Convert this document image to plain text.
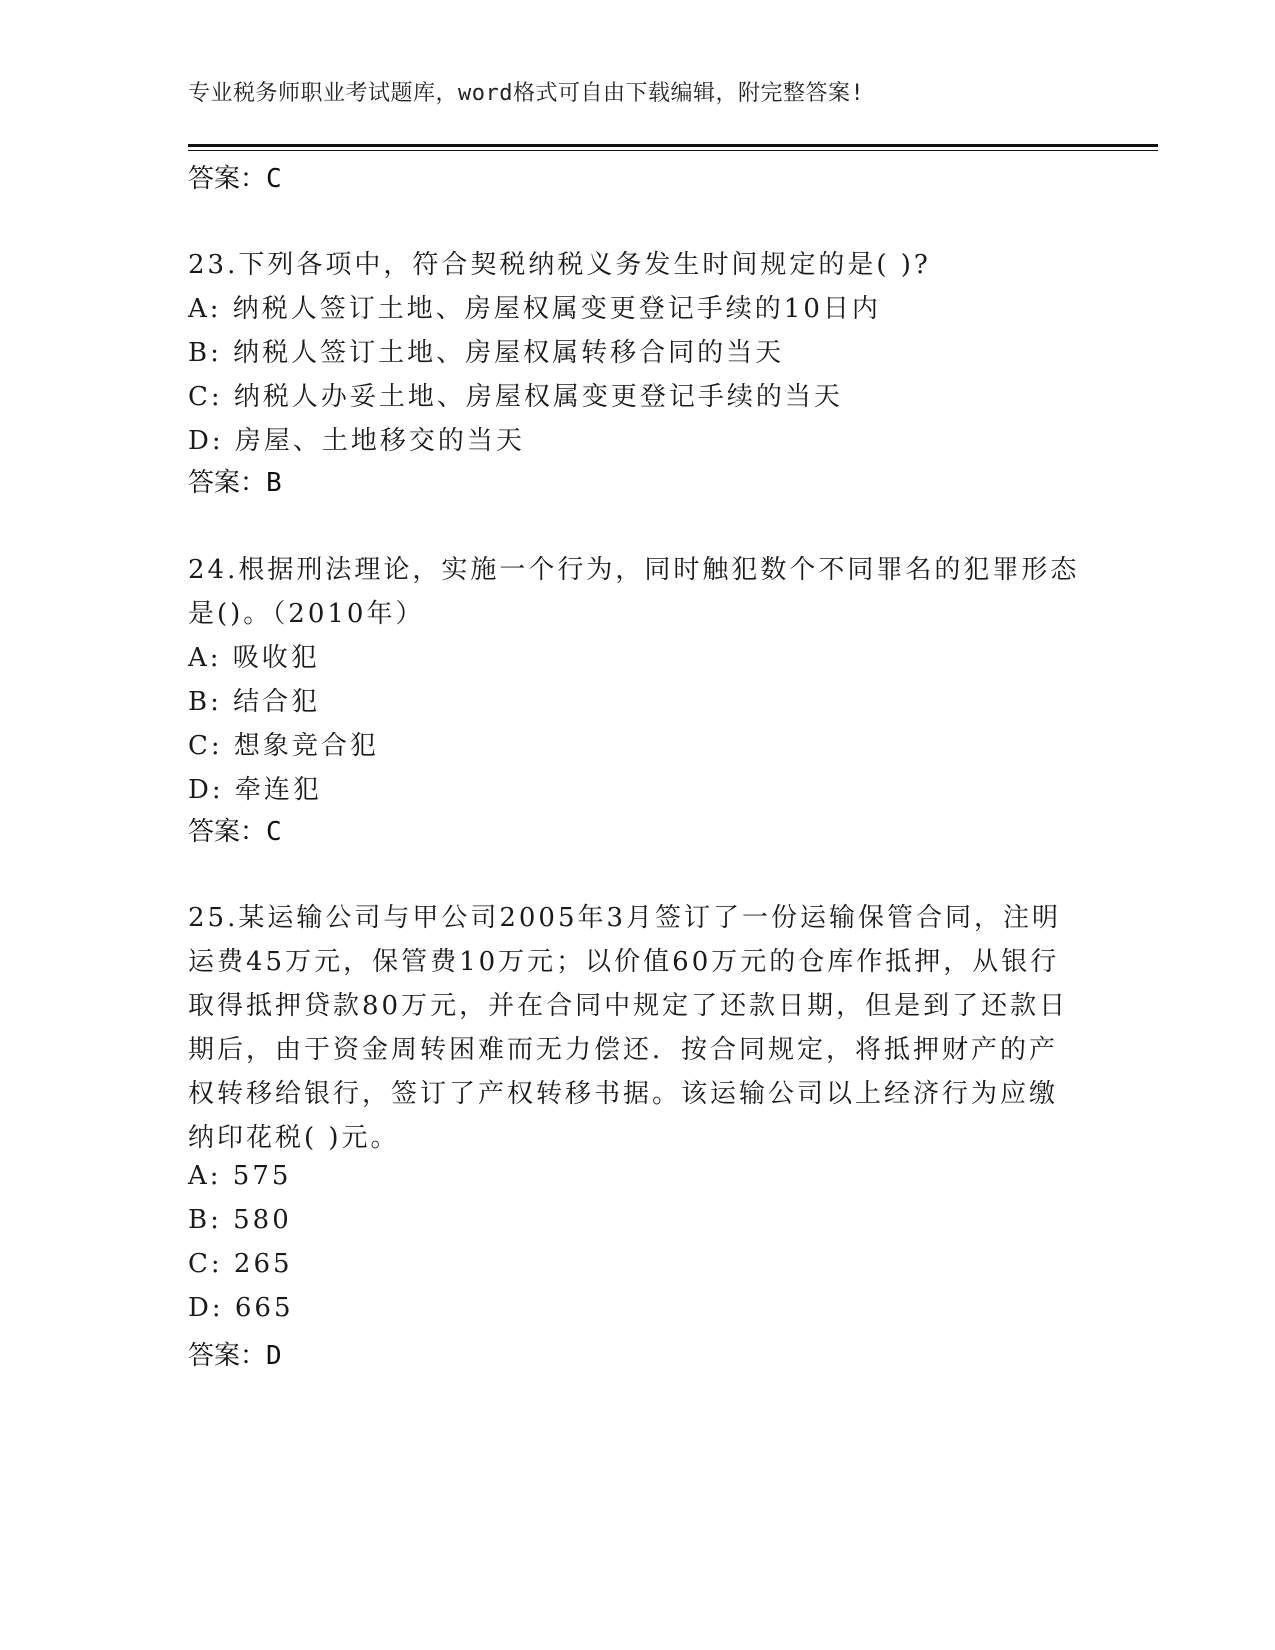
专业税务师职业考试题库，word格式可自由下载编辑，附完整答案!
答案：C
23.下列各项中，符合契税纳税义务发生时间规定的是( )?
A: 纳税人签订土地、房屋权属变更登记手续的10日内
B: 纳税人签订土地、房屋权属转移合同的当天
C: 纳税人办妥土地、房屋权属变更登记手续的当天
D: 房屋、土地移交的当天
答案：B
24.根据刑法理论，实施一个行为，同时触犯数个不同罪名的犯罪形态
是()。（2010年）
A: 吸收犯
B: 结合犯
C: 想象竞合犯
D: 牵连犯
答案：C
25.某运输公司与甲公司2005年3月签订了一份运输保管合同，注明
运费45万元，保管费10万元；以价值60万元的仓库作抵押，从银行
取得抵押贷款80万元，并在合同中规定了还款日期，但是到了还款日
期后，由于资金周转困难而无力偿还．按合同规定，将抵押财产的产
权转移给银行，签订了产权转移书据。该运输公司以上经济行为应缴
纳印花税( )元。
A: 575
B: 580
C: 265
D: 665
答案：D
